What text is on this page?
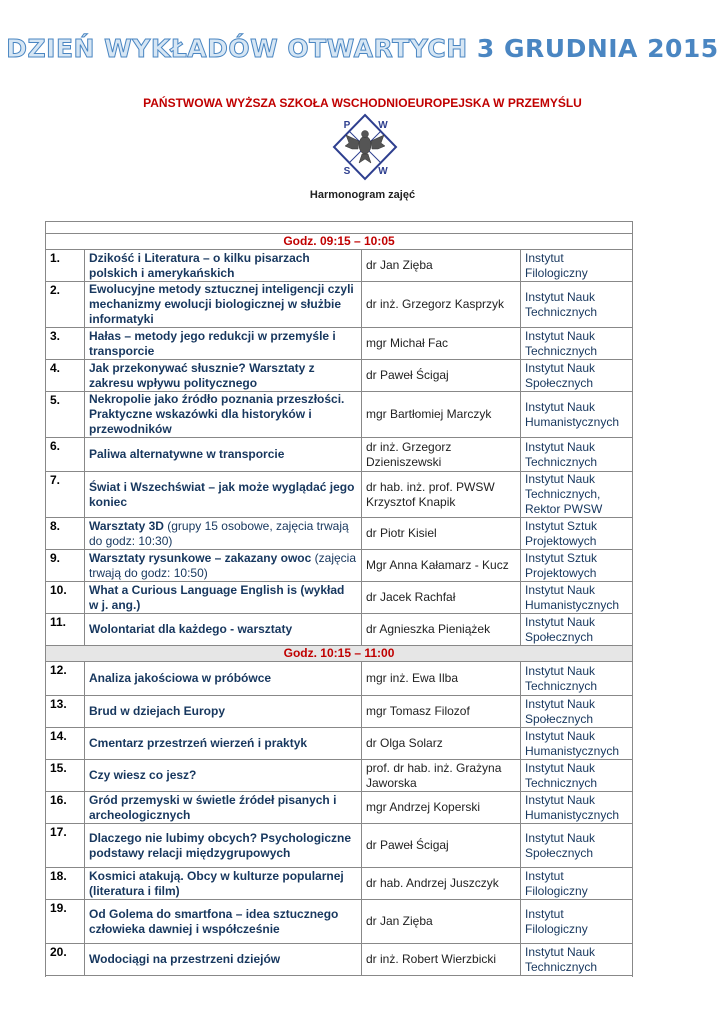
DZIEŃ WYKŁADÓW OTWARTYCH 3 GRUDNIA 2015
PAŃSTWOWA WYŻSZA SZKOŁA WSCHODNIOEUROPEJSKA W PRZEMYŚLU
P	W
S	W
Harmonogram zajęć
Godz. 09:15 – 10:05			
1.	Dzikość i Literatura – o kilku pisarzach polskich i amerykańskich	dr Jan Zięba	Instytut Filologiczny
2.	Ewolucyjne metody sztucznej inteligencji czyli mechanizmy ewolucji biologicznej w służbie informatyki	dr inż. Grzegorz Kasprzyk	Instytut Nauk Technicznych
3.	Hałas – metody jego redukcji w przemyśle i transporcie	mgr Michał Fac	Instytut Nauk Technicznych
4.	Jak przekonywać słusznie? Warsztaty z zakresu wpływu politycznego	dr Paweł Ścigaj	Instytut Nauk Społecznych
5.	Nekropolie jako źródło poznania przeszłości. Praktyczne wskazówki dla historyków i przewodników	mgr Bartłomiej Marczyk	Instytut Nauk Humanistycznych
6.	Paliwa alternatywne w transporcie	dr inż. Grzegorz Dzieniszewski	Instytut Nauk Technicznych
7.	Świat i Wszechświat – jak może wyglądać jego koniec	dr hab. inż. prof. PWSW Krzysztof Knapik	Instytut Nauk Technicznych, Rektor PWSW
8.	Warsztaty 3D (grupy 15 osobowe, zajęcia trwają do godz: 10:30)	dr Piotr Kisiel	Instytut Sztuk Projektowych
9.	Warsztaty rysunkowe – zakazany owoc (zajęcia trwają do godz: 10:50)	Mgr Anna Kałamarz - Kucz	Instytut Sztuk Projektowych
10.	What a Curious Language English is (wykład w j. ang.)	dr Jacek Rachfał	Instytut Nauk Humanistycznych
11.	Wolontariat dla każdego - warsztaty	dr Agnieszka Pieniążek	Instytut Nauk Społecznych
Godz. 10:15 – 11:00			
12.	Analiza jakościowa w próbówce	mgr inż. Ewa Ilba	Instytut Nauk Technicznych
13.	Brud w dziejach Europy	mgr Tomasz Filozof	Instytut Nauk Społecznych
14.	Cmentarz przestrzeń wierzeń i praktyk	dr Olga Solarz	Instytut Nauk Humanistycznych
15.	Czy wiesz co jesz?	prof. dr hab. inż. Grażyna Jaworska	Instytut Nauk Technicznych
16.	Gród przemyski w świetle źródeł pisanych i archeologicznych	mgr Andrzej Koperski	Instytut Nauk Humanistycznych
17.	Dlaczego nie lubimy obcych? Psychologiczne podstawy relacji międzygrupowych	dr Paweł Ścigaj	Instytut Nauk Społecznych
18.	Kosmici atakują. Obcy w kulturze popularnej (literatura i film)	dr hab. Andrzej Juszczyk	Instytut Filologiczny
19.	Od Golema do smartfona – idea sztucznego człowieka dawniej i współcześnie	dr Jan Zięba	Instytut Filologiczny
20.	Wodociągi na przestrzeni dziejów	dr inż. Robert Wierzbicki	Instytut Nauk Technicznych
